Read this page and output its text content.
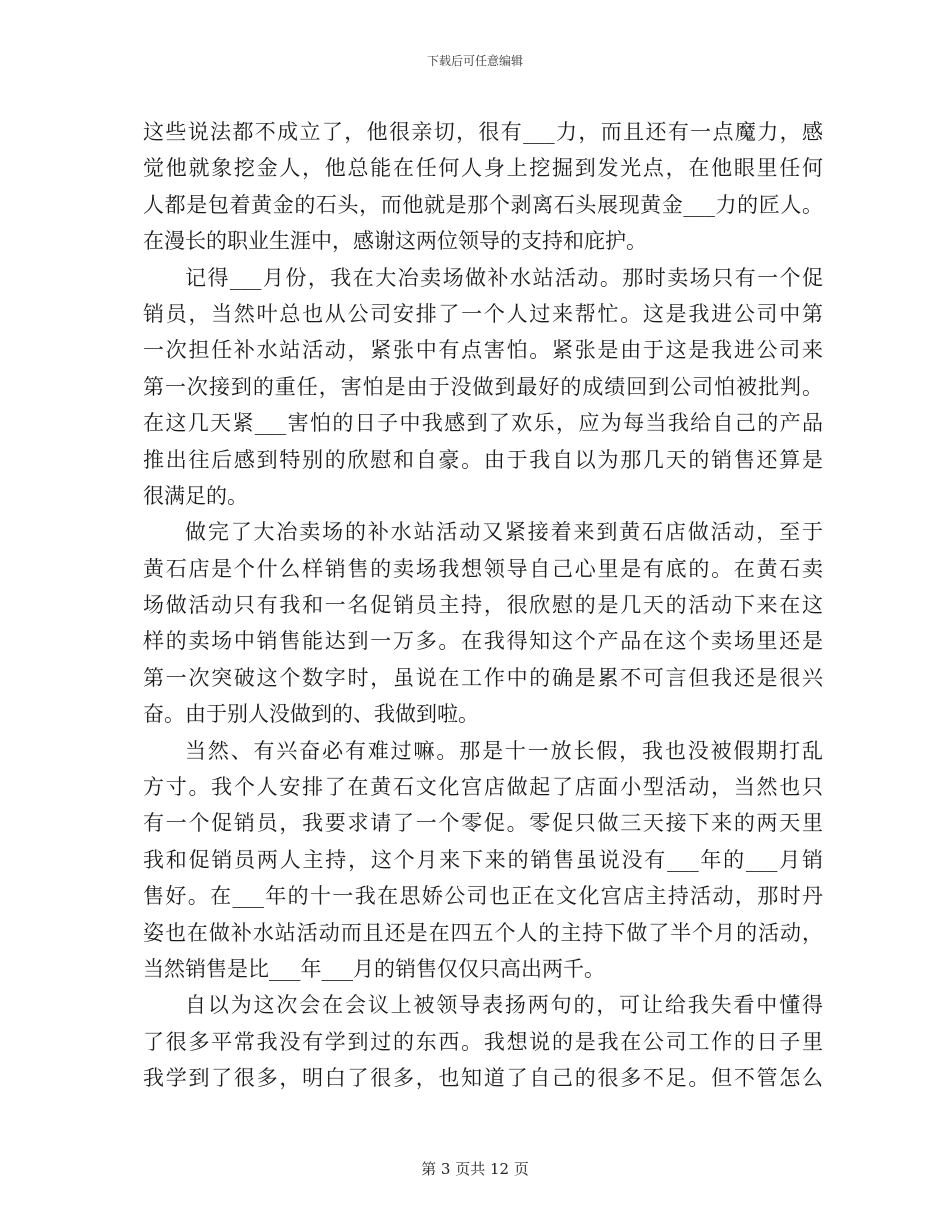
下载后可任意编辑
这些说法都不成立了，他很亲切，很有___力，而且还有一点魔力，感
觉他就象挖金人，他总能在任何人身上挖掘到发光点，在他眼里任何
人都是包着黄金的石头，而他就是那个剥离石头展现黄金___力的匠人。
在漫长的职业生涯中，感谢这两位领导的支持和庇护。
记得___月份，我在大冶卖场做补水站活动。那时卖场只有一个促
销员，当然叶总也从公司安排了一个人过来帮忙。这是我进公司中第
一次担任补水站活动，紧张中有点害怕。紧张是由于这是我进公司来
第一次接到的重任，害怕是由于没做到最好的成绩回到公司怕被批判。
在这几天紧___害怕的日子中我感到了欢乐，应为每当我给自己的产品
推出往后感到特别的欣慰和自豪。由于我自以为那几天的销售还算是
很满足的。
做完了大冶卖场的补水站活动又紧接着来到黄石店做活动，至于
黄石店是个什么样销售的卖场我想领导自己心里是有底的。在黄石卖
场做活动只有我和一名促销员主持，很欣慰的是几天的活动下来在这
样的卖场中销售能达到一万多。在我得知这个产品在这个卖场里还是
第一次突破这个数字时，虽说在工作中的确是累不可言但我还是很兴
奋。由于别人没做到的、我做到啦。
当然、有兴奋必有难过嘛。那是十一放长假，我也没被假期打乱
方寸。我个人安排了在黄石文化宫店做起了店面小型活动，当然也只
有一个促销员，我要求请了一个零促。零促只做三天接下来的两天里
我和促销员两人主持，这个月来下来的销售虽说没有___年的___月销
售好。在___年的十一我在思娇公司也正在文化宫店主持活动，那时丹
姿也在做补水站活动而且还是在四五个人的主持下做了半个月的活动，
当然销售是比___年___月的销售仅仅只高出两千。
自以为这次会在会议上被领导表扬两句的，可让给我失看中懂得
了很多平常我没有学到过的东西。我想说的是我在公司工作的日子里
我学到了很多，明白了很多，也知道了自己的很多不足。但不管怎么
第 3 页共 12 页
